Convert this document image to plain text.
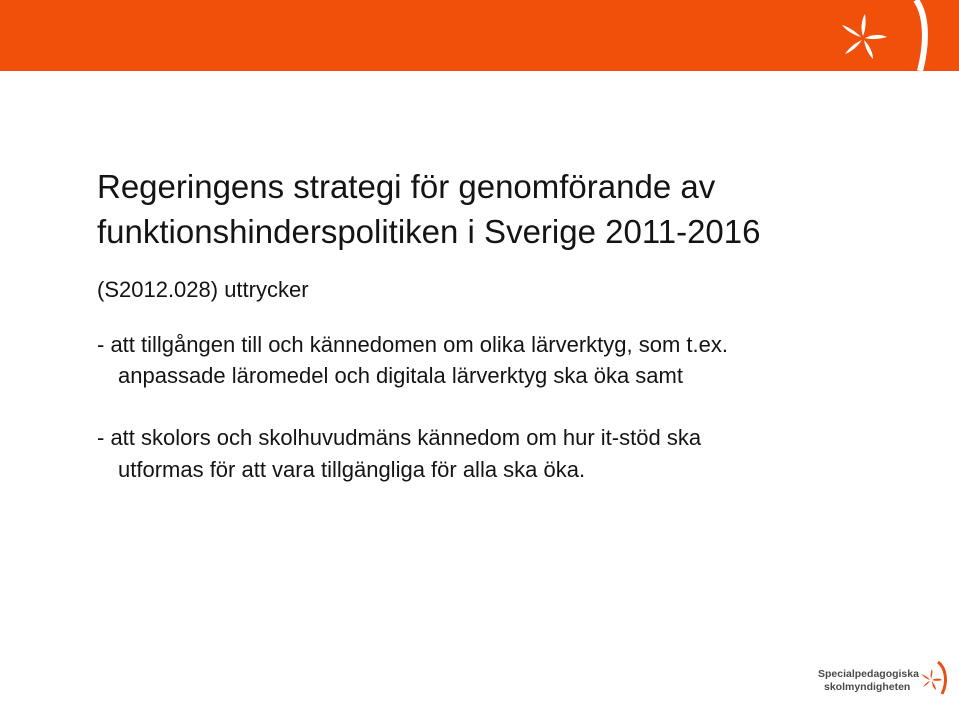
Regeringens strategi för genomförande av
funktionshinderspolitiken i Sverige 2011-2016

(S2012.028) uttrycker

- att tillgången till och kännedomen om olika lärverktyg, som t.ex.

anpassade läromedel och digitala lärverktyg ska öka samt

- att skolors och skolhuvudmäns kännedom om hur it-stöd ska

utformas för att vara tillgängliga för alla ska öka.

Specialpedagogiska
skolmyndigheten
